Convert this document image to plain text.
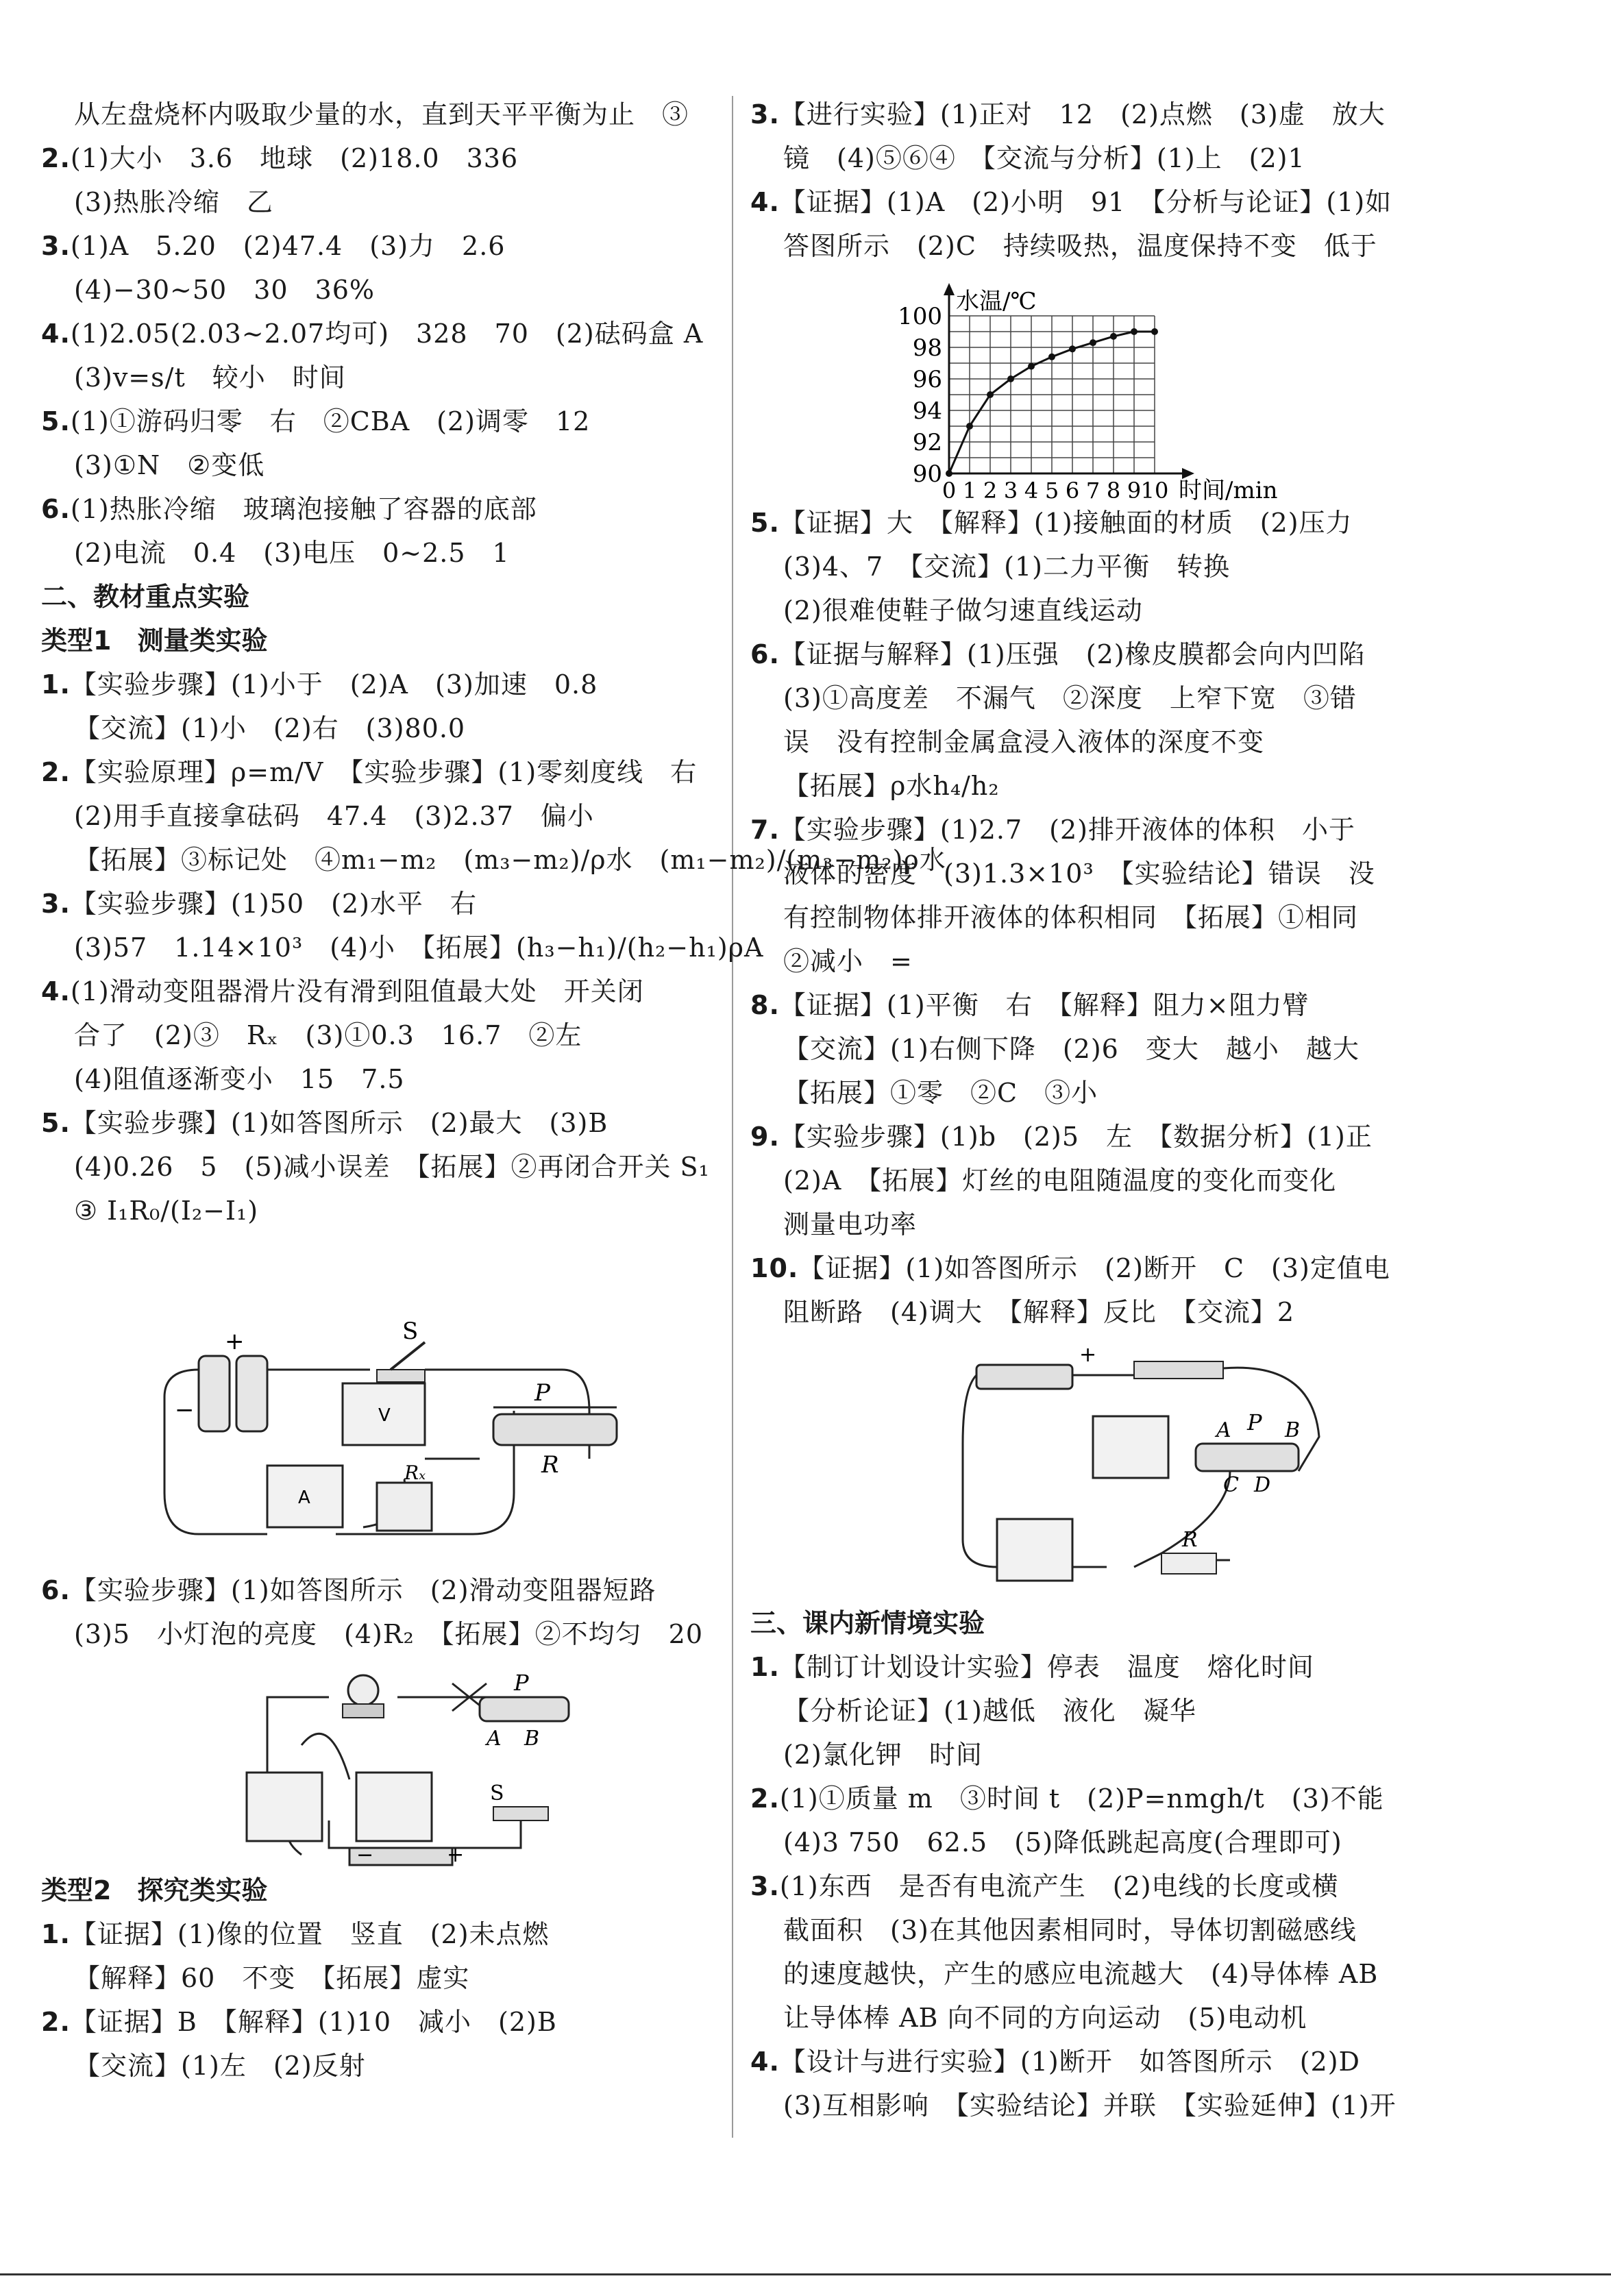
从左盘烧杯内吸取少量的水，直到天平平衡为止　③
2.(1)大小　3.6　地球　(2)18.0　336
(3)热胀冷缩　乙
3.(1)A　5.20　(2)47.4　(3)力　2.6
(4)−30~50　30　36%
4.(1)2.05(2.03~2.07均可)　328　70　(2)砝码盒 A
(3)v=s/t　较小　时间
5.(1)①游码归零　右　②CBA　(2)调零　12
(3)①N　②变低
6.(1)热胀冷缩　玻璃泡接触了容器的底部
(2)电流　0.4　(3)电压　0~2.5　1
二、教材重点实验
类型1　测量类实验
1.【实验步骤】(1)小于　(2)A　(3)加速　0.8
【交流】(1)小　(2)右　(3)80.0
2.【实验原理】ρ=m/V　【实验步骤】(1)零刻度线　右
(2)用手直接拿砝码　47.4　(3)2.37　偏小
【拓展】③标记处　④m₁−m₂　(m₃−m₂)/ρ水　(m₁−m₂)/(m₃−m₂)ρ水
3.【实验步骤】(1)50　(2)水平　右
(3)57　1.14×10³　(4)小　【拓展】(h₃−h₁)/(h₂−h₁)ρA
4.(1)滑动变阻器滑片没有滑到阻值最大处　开关闭
合了　(2)③　Rₓ　(3)①0.3　16.7　②左
(4)阻值逐渐变小　15　7.5
5.【实验步骤】(1)如答图所示　(2)最大　(3)B
(4)0.26　5　(5)减小误差　【拓展】②再闭合开关 S₁
③ I₁R₀/(I₂−I₁)
S
+
−
A
V
P
R
Rₓ
6.【实验步骤】(1)如答图所示　(2)滑动变阻器短路
(3)5　小灯泡的亮度　(4)R₂　【拓展】②不均匀　20
P
A B
S
−	+
类型2　探究类实验
1.【证据】(1)像的位置　竖直　(2)未点燃
【解释】60　不变　【拓展】虚实
2.【证据】B　【解释】(1)10　减小　(2)B
【交流】(1)左　(2)反射
3.【进行实验】(1)正对　12　(2)点燃　(3)虚　放大
镜　(4)⑤⑥④　【交流与分析】(1)上　(2)1
4.【证据】(1)A　(2)小明　91　【分析与论证】(1)如
答图所示　(2)C　持续吸热，温度保持不变　低于
90
92
94
96
98
100
0 1 2 3 4 5 6 7 8 9 10
水温/℃
时间/min
5.【证据】大　【解释】(1)接触面的材质　(2)压力
(3)4、7　【交流】(1)二力平衡　转换
(2)很难使鞋子做匀速直线运动
6.【证据与解释】(1)压强　(2)橡皮膜都会向内凹陷
(3)①高度差　不漏气　②深度　上窄下宽　③错
误　没有控制金属盒浸入液体的深度不变
【拓展】ρ水h₄/h₂
7.【实验步骤】(1)2.7　(2)排开液体的体积　小于
液体的密度　(3)1.3×10³　【实验结论】错误　没
有控制物体排开液体的体积相同　【拓展】①相同
②减小　=
8.【证据】(1)平衡　右　【解释】阻力×阻力臂
【交流】(1)右侧下降　(2)6　变大　越小　越大
【拓展】①零　②C　③小
9.【实验步骤】(1)b　(2)5　左　【数据分析】(1)正
(2)A　【拓展】灯丝的电阻随温度的变化而变化
测量电功率
10.【证据】(1)如答图所示　(2)断开　C　(3)定值电
阻断路　(4)调大　【解释】反比　【交流】2
+
P
A	B
C D
R
三、课内新情境实验
1.【制订计划设计实验】停表　温度　熔化时间
【分析论证】(1)越低　液化　凝华
(2)氯化钾　时间
2.(1)①质量 m　③时间 t　(2)P=nmgh/t　(3)不能
(4)3 750　62.5　(5)降低跳起高度(合理即可)
3.(1)东西　是否有电流产生　(2)电线的长度或横
截面积　(3)在其他因素相同时，导体切割磁感线
的速度越快，产生的感应电流越大　(4)导体棒 AB
让导体棒 AB 向不同的方向运动　(5)电动机
4.【设计与进行实验】(1)断开　如答图所示　(2)D
(3)互相影响　【实验结论】并联　【实验延伸】(1)开
